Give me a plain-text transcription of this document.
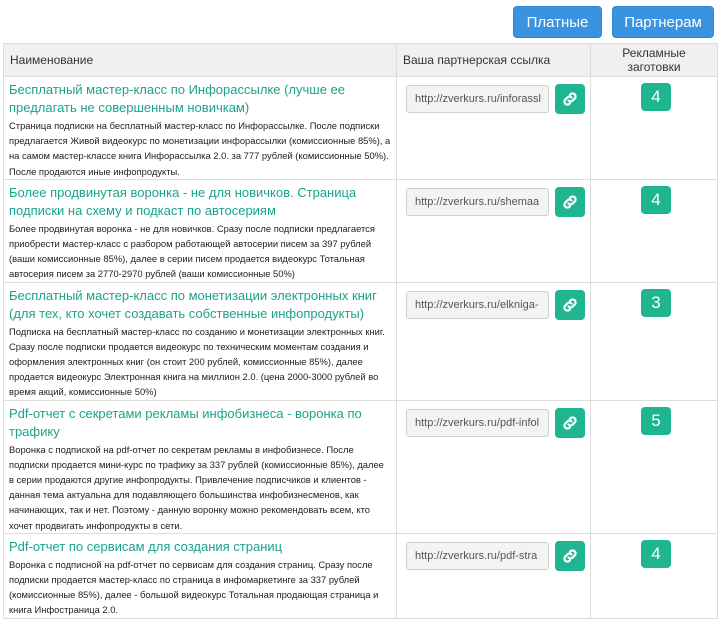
Платные	Партнерам
Наименование	Ваша партнерская ссылка	Рекламные заготовки

Бесплатный мастер-класс по Инфорассылке (лучше ее предлагать не совершенным новичкам)
Страница подписки на бесплатный мастер-класс по Инфорассылке. После подписки предлагается Живой видеокурс по монетизации инфорассылки (комиссионные 85%), а на самом мастер-классе книга Инфорассылка 2.0. за 777 рублей (комиссионные 50%). После продаются иные инфопродукты.	http://zverkurs.ru/inforassl	4

Более продвинутая воронка - не для новичков. Страница подписки на схему и подкаст по автосериям
Более продвинутая воронка - не для новичков. Сразу после подписки предлагается приобрести мастер-класс с разбором работающей автосерии писем за 397 рублей (ваши комиссионные 85%), далее в серии писем продается видеокурс Тотальная автосерия писем за 2770-2970 рублей (ваши комиссионные 50%)	http://zverkurs.ru/shemaa	4

Бесплатный мастер-класс по монетизации электронных книг (для тех, кто хочет создавать собственные инфопродукты)
Подписка на бесплатный мастер-класс по созданию и монетизации электронных книг. Сразу после подписки продается видеокурс по техническим моментам создания и оформления электронных книг (он стоит 200 рублей, комиссионные 85%), далее продается видеокурс Электронная книга на миллион 2.0. (цена 2000-3000 рублей во время акций, комиссионные 50%)	http://zverkurs.ru/elkniga-	3

Pdf-отчет с секретами рекламы инфобизнеса - воронка по трафику
Воронка с подпиской на pdf-отчет по секретам рекламы в инфобизнесе. После подписки продается мини-курс по трафику за 337 рублей (комиссионные 85%), далее в серии продаются другие инфопродукты. Привлечение подписчиков и клиентов - данная тема актуальна для подавляющего большинства инфобизнесменов, как начинающих, так и нет. Поэтому - данную воронку можно рекомендовать всем, кто хочет продвигать инфопродукты в сети.	http://zverkurs.ru/pdf-infol	5

Pdf-отчет по сервисам для создания страниц
Воронка с подписной на pdf-отчет по сервисам для создания страниц. Сразу после подписки продается мастер-класс по страница в инфомаркетинге за 337 рублей (комиссионные 85%), далее - большой видеокурс Тотальная продающая страница и книга Инфостраница 2.0.	http://zverkurs.ru/pdf-stra	4
